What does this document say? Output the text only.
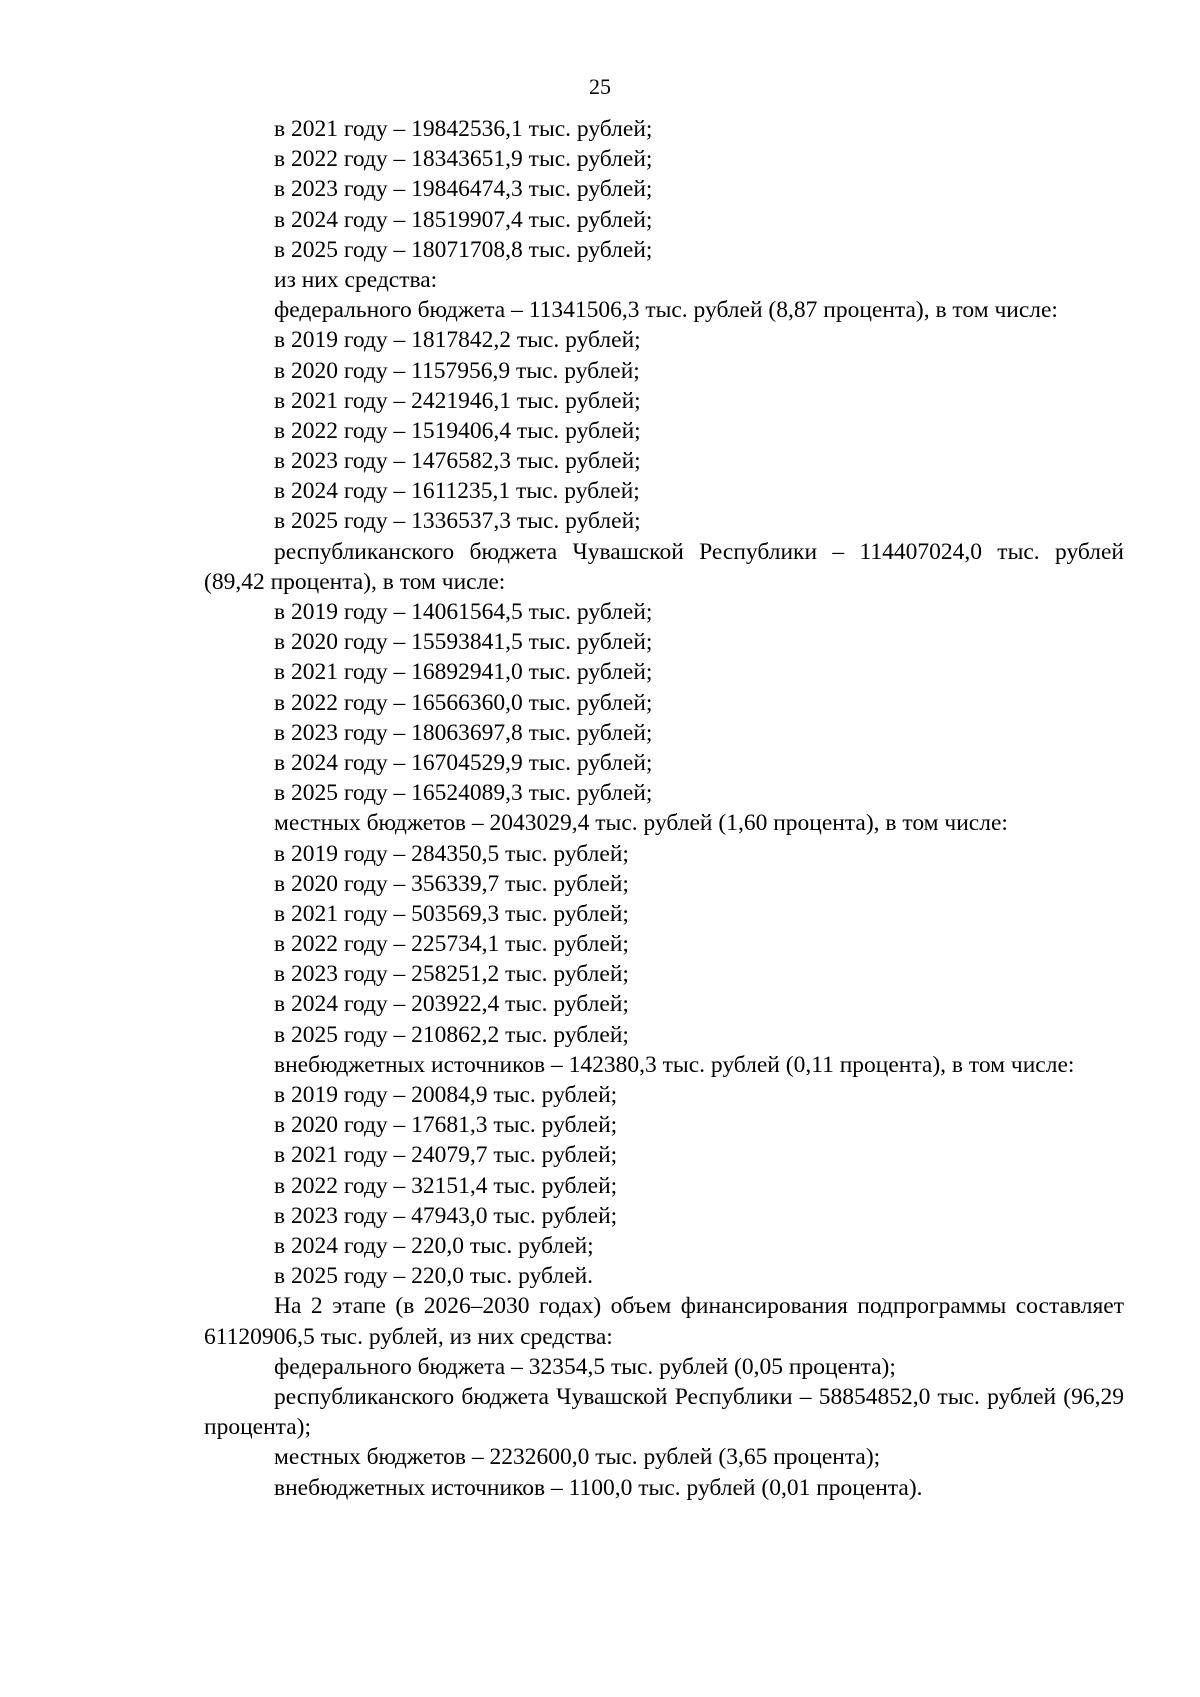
25
в 2021 году – 19842536,1 тыс. рублей;
в 2022 году – 18343651,9 тыс. рублей;
в 2023 году – 19846474,3 тыс. рублей;
в 2024 году – 18519907,4 тыс. рублей;
в 2025 году – 18071708,8 тыс. рублей;
из них средства:
федерального бюджета – 11341506,3 тыс. рублей (8,87 процента), в том числе:
в 2019 году – 1817842,2 тыс. рублей;
в 2020 году – 1157956,9 тыс. рублей;
в 2021 году – 2421946,1 тыс. рублей;
в 2022 году – 1519406,4 тыс. рублей;
в 2023 году – 1476582,3 тыс. рублей;
в 2024 году – 1611235,1 тыс. рублей;
в 2025 году – 1336537,3 тыс. рублей;
республиканского бюджета Чувашской Республики – 114407024,0 тыс. рублей (89,42 процента), в том числе:
в 2019 году – 14061564,5 тыс. рублей;
в 2020 году – 15593841,5 тыс. рублей;
в 2021 году – 16892941,0 тыс. рублей;
в 2022 году – 16566360,0 тыс. рублей;
в 2023 году – 18063697,8 тыс. рублей;
в 2024 году – 16704529,9 тыс. рублей;
в 2025 году – 16524089,3 тыс. рублей;
местных бюджетов – 2043029,4 тыс. рублей (1,60 процента), в том числе:
в 2019 году – 284350,5 тыс. рублей;
в 2020 году – 356339,7 тыс. рублей;
в 2021 году – 503569,3 тыс. рублей;
в 2022 году – 225734,1 тыс. рублей;
в 2023 году – 258251,2 тыс. рублей;
в 2024 году – 203922,4 тыс. рублей;
в 2025 году – 210862,2 тыс. рублей;
внебюджетных источников – 142380,3 тыс. рублей (0,11 процента), в том числе:
в 2019 году – 20084,9 тыс. рублей;
в 2020 году – 17681,3 тыс. рублей;
в 2021 году – 24079,7 тыс. рублей;
в 2022 году – 32151,4 тыс. рублей;
в 2023 году – 47943,0 тыс. рублей;
в 2024 году – 220,0 тыс. рублей;
в 2025 году – 220,0 тыс. рублей.
На 2 этапе (в 2026–2030 годах) объем финансирования подпрограммы составляет 61120906,5 тыс. рублей, из них средства:
федерального бюджета – 32354,5 тыс. рублей (0,05 процента);
республиканского бюджета Чувашской Республики – 58854852,0 тыс. рублей (96,29 процента);
местных бюджетов – 2232600,0 тыс. рублей (3,65 процента);
внебюджетных источников – 1100,0 тыс. рублей (0,01 процента).
